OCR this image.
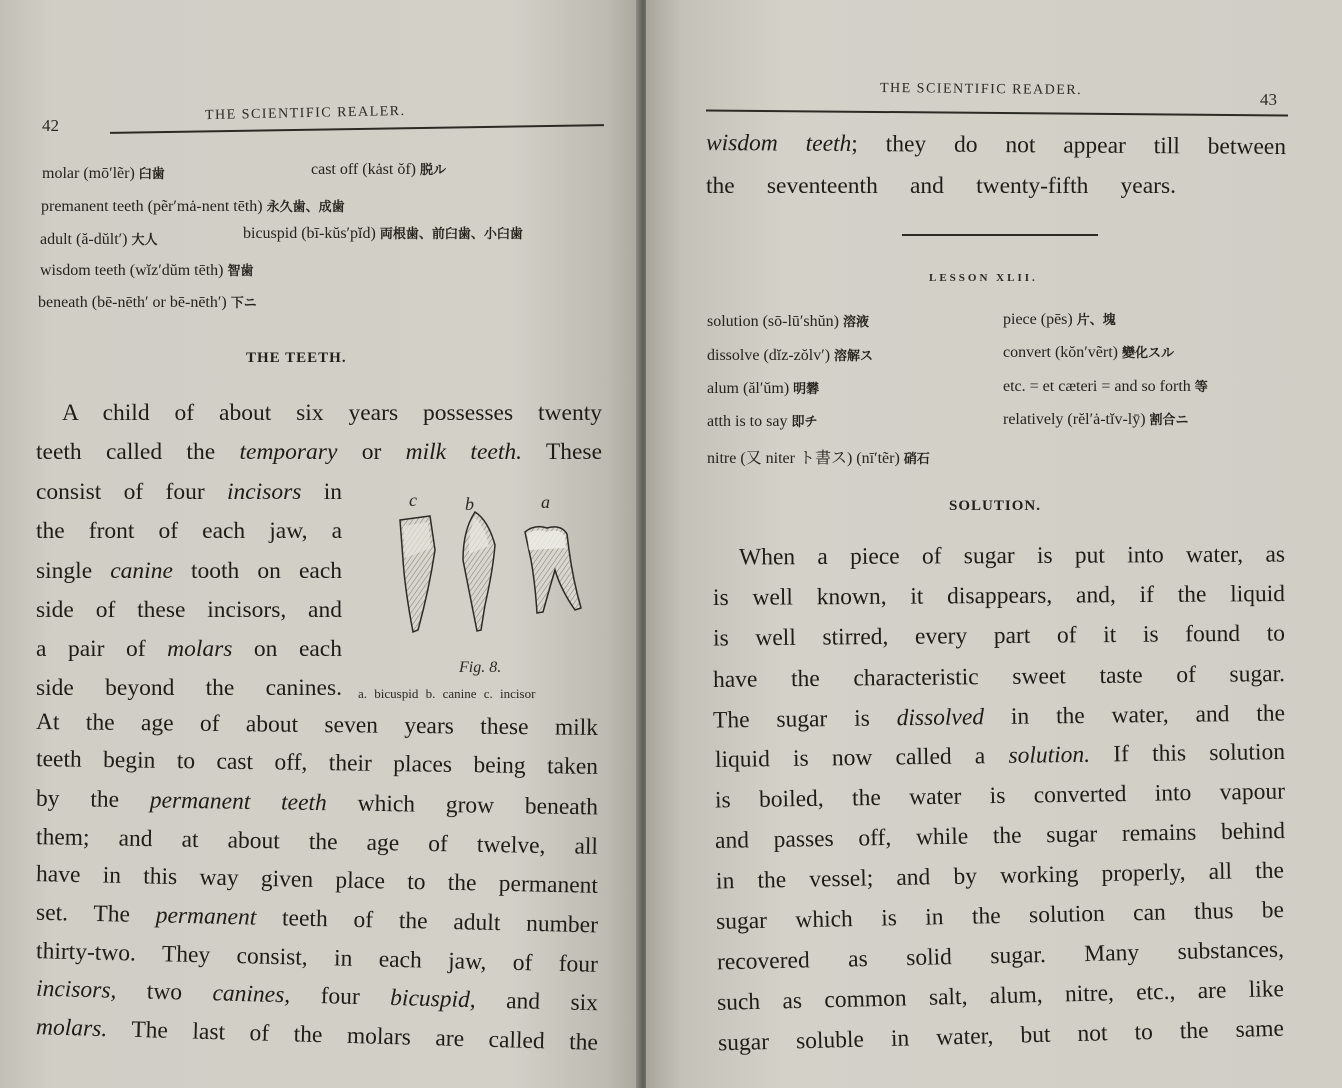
42
THE SCIENTIFIC REALER.
molar (mō′lẽr) 臼歯	cast off (kȧst ŏf) 脱ル
premanent teeth (pẽr′mȧ-nent tēth) 永久歯、成歯
adult (ă-dŭlt′) 大人	bicuspid (bī-kŭs′pĭd) 両根歯、前臼歯、小臼歯
wisdom teeth (wĭz′dŭm tēth) 智歯
beneath (bē-nēth′ or bē-nēth′) 下ニ
THE TEETH.
A child of about six years possesses twenty
teeth called the temporary or milk teeth. These
consist of four incisors in
the front of each jaw, a
single canine tooth on each
side of these incisors, and
a pair of molars on each
side beyond the canines.
At the age of about seven years these milk
teeth begin to cast off, their places being taken
by the permanent teeth which grow beneath
them; and at about the age of twelve, all
have in this way given place to the permanent
set. The permanent teeth of the adult number
thirty-two. They consist, in each jaw, of four
incisors, two canines, four bicuspid, and six
molars. The last of the molars are called the
c	b	a
Fig. 8.
a. bicuspid b. canine c. incisor
THE SCIENTIFIC READER.
43
wisdom teeth; they do not appear till between
the seventeenth and twenty-fifth years.
LESSON XLII.
solution (sō-lū′shŭn) 溶液	piece (pēs) 片、塊
dissolve (dĭz-zŏlv′) 溶解ス	convert (kŏn′vẽrt) 變化スル
alum (ăl′ŭm) 明礬	etc. = et cæteri = and so forth 等
atth is to say 即チ	relatively (rĕl′ȧ-tĭv-lȳ) 割合ニ
nitre (又 niter ト書ス) (nī′tẽr) 硝石
SOLUTION.
When a piece of sugar is put into water, as
is well known, it disappears, and, if the liquid
is well stirred, every part of it is found to
have the characteristic sweet taste of sugar.
The sugar is dissolved in the water, and the
liquid is now called a solution. If this solution
is boiled, the water is converted into vapour
and passes off, while the sugar remains behind
in the vessel; and by working properly, all the
sugar which is in the solution can thus be
recovered as solid sugar. Many substances,
such as common salt, alum, nitre, etc., are like
sugar soluble in water, but not to the same
